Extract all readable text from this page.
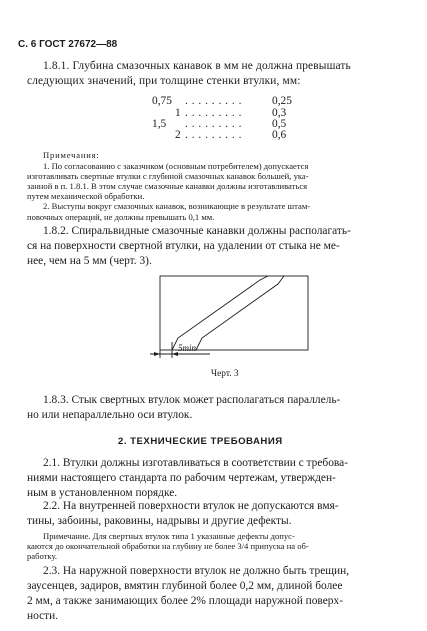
С. 6 ГОСТ 27672—88
1.8.1. Глубина смазочных канавок в мм не должна превышать
следующих значений, при толщине стенки втулки, мм:
0,75 . . . . . . . . .	0,25
1 . . . . . . . . .	0,3
1,5 . . . . . . . . .	0,5
2 . . . . . . . . .	0,6
Примечания:
1. По согласованию с заказчиком (основным потребителем) допускается
изготавливать свертные втулки с глубиной смазочных канавок большей, ука-
занной в п. 1.8.1. В этом случае смазочные канавки должны изготавливаться
путем механической обработки.
2. Выступы вокруг смазочных канавок, возникающие в результате штам-
повочных операций, не должны превышать 0,1 мм.
1.8.2. Спиральвидные смазочные канавки должны располагать-
ся на поверхности свертной втулки, на удалении от стыка не ме-
нее, чем на 5 мм (черт. 3).
5min
Черт. 3
1.8.3. Стык свертных втулок может располагаться параллель-
но или непараллельно оси втулок.
2. ТЕХНИЧЕСКИЕ ТРЕБОВАНИЯ
2.1. Втулки должны изготавливаться в соответствии с требова-
ниями настоящего стандарта по рабочим чертежам, утвержден-
ным в установленном порядке.
2.2. На внутренней поверхности втулок не допускаются вмя-
тины, забоины, раковины, надрывы и другие дефекты.
Примечание. Для свертных втулок типа 1 указанные дефекты допус-
каются до окончательной обработки на глубину не более 3/4 припуска на об-
работку.
2.3. На наружной поверхности втулок не должно быть трещин,
заусенцев, задиров, вмятин глубиной более 0,2 мм, длиной более
2 мм, а также занимающих более 2% площади наружной поверх-
ности.
